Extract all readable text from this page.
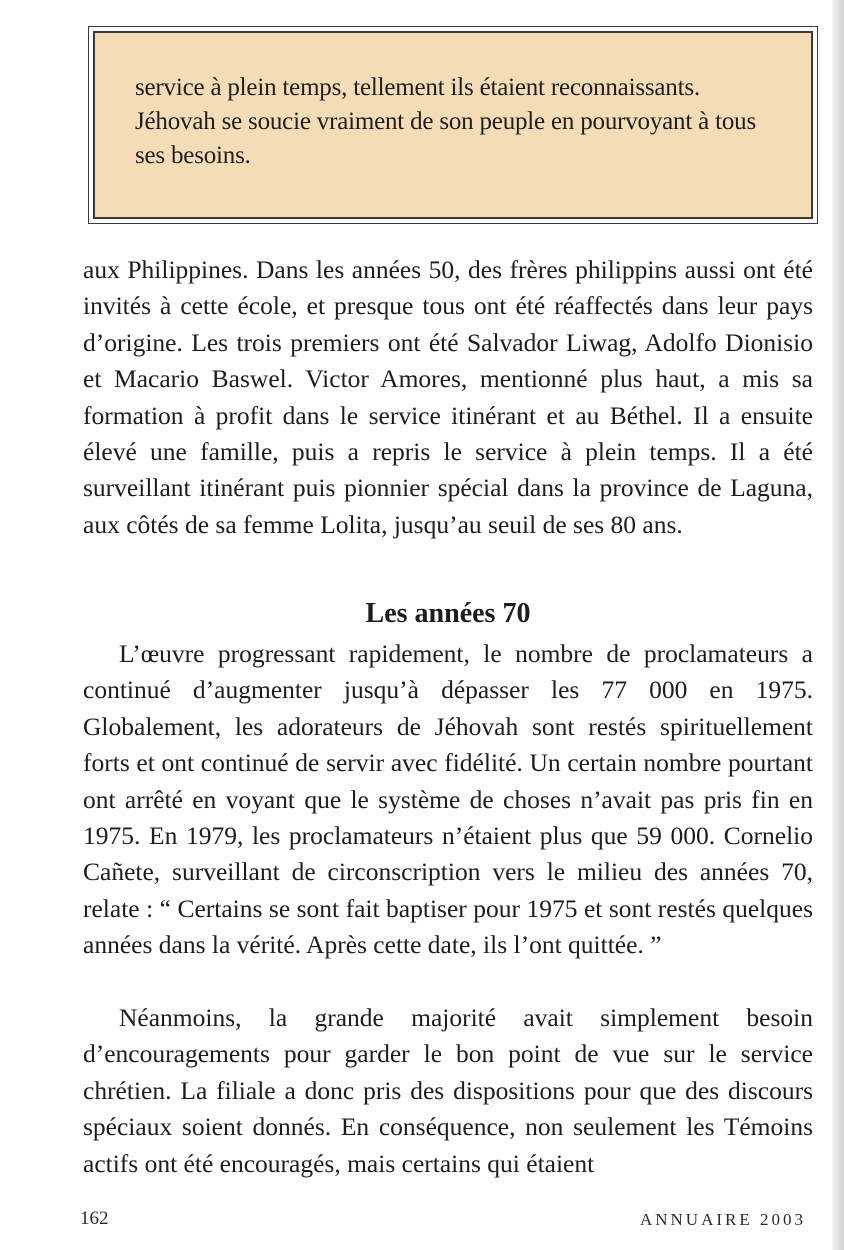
service à plein temps, tellement ils étaient reconnaissants. Jéhovah se soucie vraiment de son peuple en pourvoyant à tous ses besoins.

aux Philippines. Dans les années 50, des frères philippins aussi ont été invités à cette école, et presque tous ont été réaffectés dans leur pays d’origine. Les trois premiers ont été Salvador Liwag, Adolfo Dionisio et Macario Baswel. Victor Amores, mentionné plus haut, a mis sa formation à profit dans le service itinérant et au Béthel. Il a ensuite élevé une famille, puis a repris le service à plein temps. Il a été surveillant itinérant puis pionnier spécial dans la province de Laguna, aux côtés de sa femme Lolita, jusqu’au seuil de ses 80 ans.

Les années 70

L’œuvre progressant rapidement, le nombre de proclamateurs a continué d’augmenter jusqu’à dépasser les 77 000 en 1975. Globalement, les adorateurs de Jéhovah sont restés spirituellement forts et ont continué de servir avec fidélité. Un certain nombre pourtant ont arrêté en voyant que le système de choses n’avait pas pris fin en 1975. En 1979, les proclamateurs n’étaient plus que 59 000. Cornelio Cañete, surveillant de circonscription vers le milieu des années 70, relate : “ Certains se sont fait baptiser pour 1975 et sont restés quelques années dans la vérité. Après cette date, ils l’ont quittée. ”

Néanmoins, la grande majorité avait simplement besoin d’encouragements pour garder le bon point de vue sur le service chrétien. La filiale a donc pris des dispositions pour que des discours spéciaux soient donnés. En conséquence, non seulement les Témoins actifs ont été encouragés, mais certains qui étaient

162	ANNUAIRE 2003
